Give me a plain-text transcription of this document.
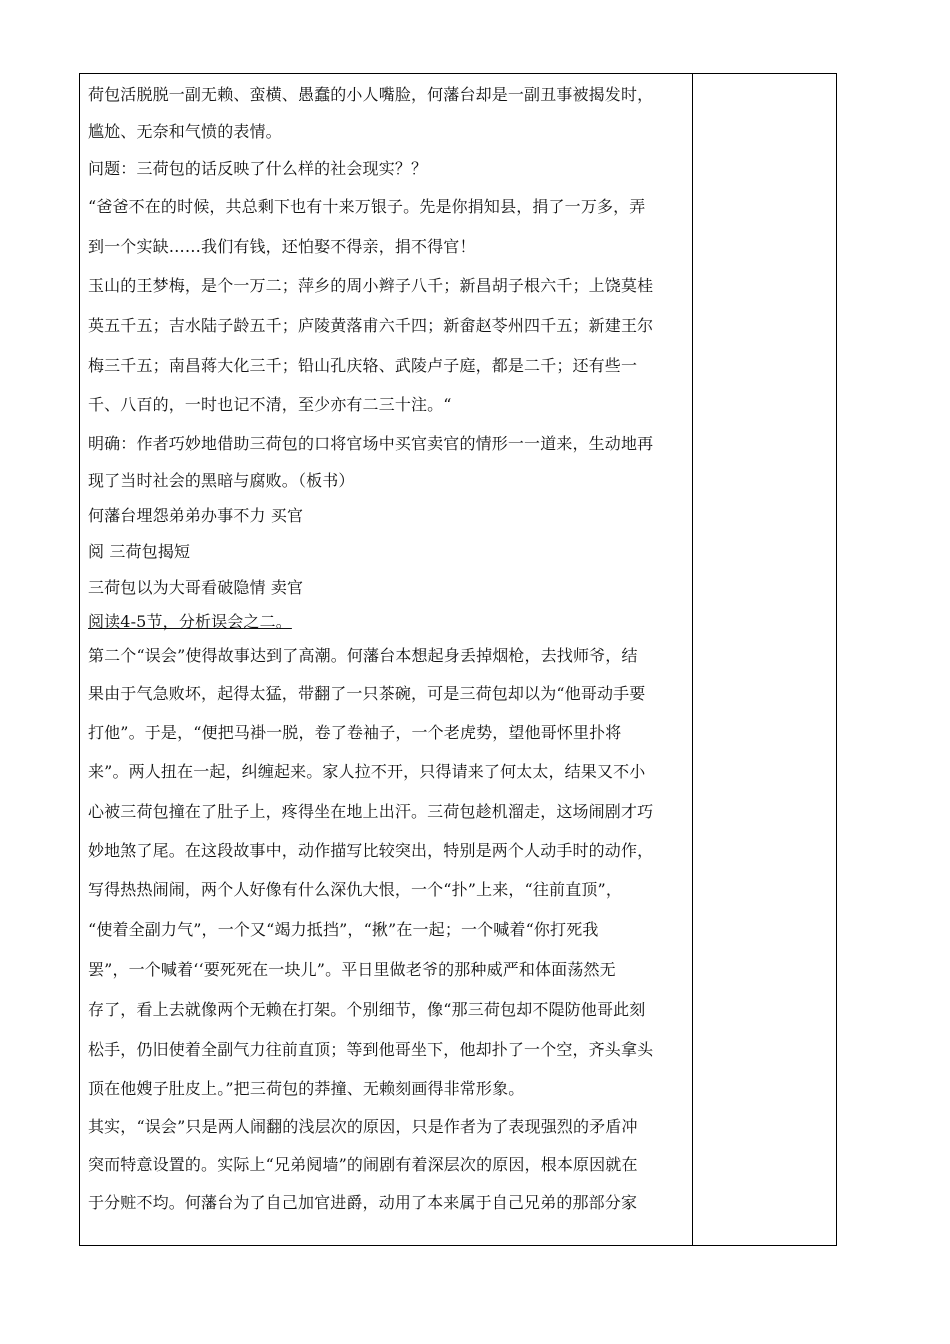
荷包活脱脱一副无赖、蛮横、愚蠢的小人嘴脸，何藩台却是一副丑事被揭发时，

尴尬、无奈和气愤的表情。

问题：三荷包的话反映了什么样的社会现实？？

“爸爸不在的时候，共总剩下也有十来万银子。先是你捐知县，捐了一万多，弄

到一个实缺……我们有钱，还怕娶不得亲，捐不得官！

玉山的王梦梅，是个一万二；萍乡的周小辫子八千；新昌胡子根六千；上饶莫桂

英五千五；吉水陆子龄五千；庐陵黄落甫六千四；新畲赵苓州四千五；新建王尔

梅三千五；南昌蒋大化三千；铅山孔庆辂、武陵卢子庭，都是二千；还有些一

千、八百的，一时也记不清，至少亦有二三十注。“

明确：作者巧妙地借助三荷包的口将官场中买官卖官的情形一一道来，生动地再

现了当时社会的黑暗与腐败。（板书）

何藩台埋怨弟弟办事不力 买官

阅 三荷包揭短

三荷包以为大哥看破隐情 卖官

阅读4-5节，分析误会之二。

第二个“误会”使得故事达到了高潮。何藩台本想起身丢掉烟枪，去找师爷，结

果由于气急败坏，起得太猛，带翻了一只茶碗，可是三荷包却以为“他哥动手要

打他”。于是，“便把马褂一脱，卷了卷袖子，一个老虎势，望他哥怀里扑将

来”。两人扭在一起，纠缠起来。家人拉不开，只得请来了何太太，结果又不小

心被三荷包撞在了肚子上，疼得坐在地上出汗。三荷包趁机溜走，这场闹剧才巧

妙地煞了尾。在这段故事中，动作描写比较突出，特别是两个人动手时的动作，

写得热热闹闹，两个人好像有什么深仇大恨，一个“扑”上来，“往前直顶”，

“使着全副力气”，一个又“竭力抵挡”，“揪”在一起；一个喊着“你打死我

罢”，一个喊着‘‘要死死在一块儿”。平日里做老爷的那种威严和体面荡然无

存了，看上去就像两个无赖在打架。个别细节，像“那三荷包却不隄防他哥此刻

松手，仍旧使着全副气力往前直顶；等到他哥坐下，他却扑了一个空，齐头拿头

顶在他嫂子肚皮上。”把三荷包的莽撞、无赖刻画得非常形象。

其实，“误会”只是两人闹翻的浅层次的原因，只是作者为了表现强烈的矛盾冲

突而特意设置的。实际上“兄弟阋墙”的闹剧有着深层次的原因，根本原因就在

于分赃不均。何藩台为了自己加官进爵，动用了本来属于自己兄弟的那部分家
